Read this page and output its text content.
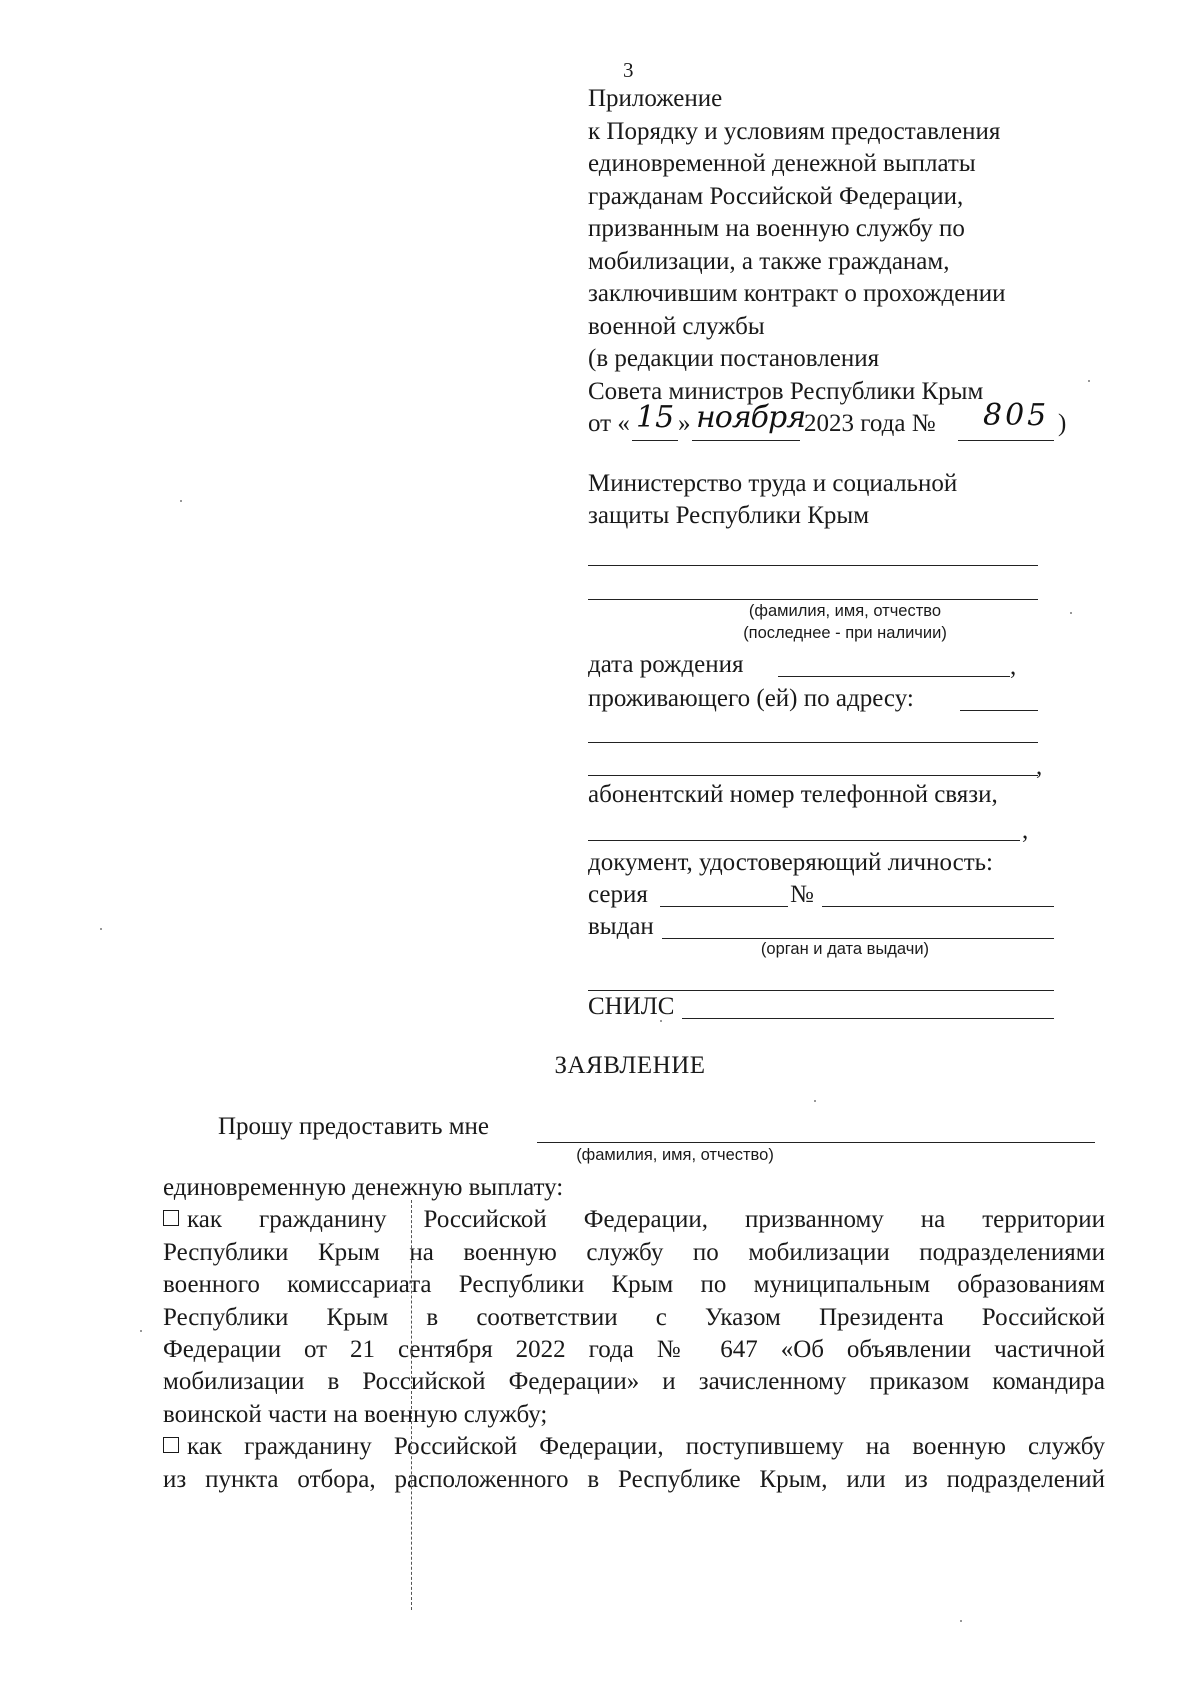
3
Приложение
к Порядку и условиям предоставления
единовременной денежной выплаты
гражданам Российской Федерации,
призванным на военную службу по
мобилизации, а также гражданам,
заключившим контракт о прохождении
военной службы
(в редакции постановления
Совета министров Республики Крым
от « 15 » ноября
2023 года № 805 )
Министерство труда и социальной
защиты Республики Крым
(фамилия, имя, отчество
(последнее - при наличии)
дата рождения	,
проживающего (ей) по адресу:
,
абонентский номер телефонной связи,
,
документ, удостоверяющий личность:
серия	№
выдан
(орган и дата выдачи)
СНИЛС
ЗАЯВЛЕНИЕ
Прошу предоставить мне
(фамилия, имя, отчество)
единовременную денежную выплату:
как гражданину Российской Федерации, призванному на территории
Республики Крым на военную службу по мобилизации подразделениями
военного комиссариата Республики Крым по муниципальным образованиям
Республики Крым в соответствии с Указом Президента Российской
Федерации от 21 сентября 2022 года № 647 «Об объявлении частичной
мобилизации в Российской Федерации» и зачисленному приказом командира
воинской части на военную службу;
как гражданину Российской Федерации, поступившему на военную службу
из пункта отбора, расположенного в Республике Крым, или из подразделений
